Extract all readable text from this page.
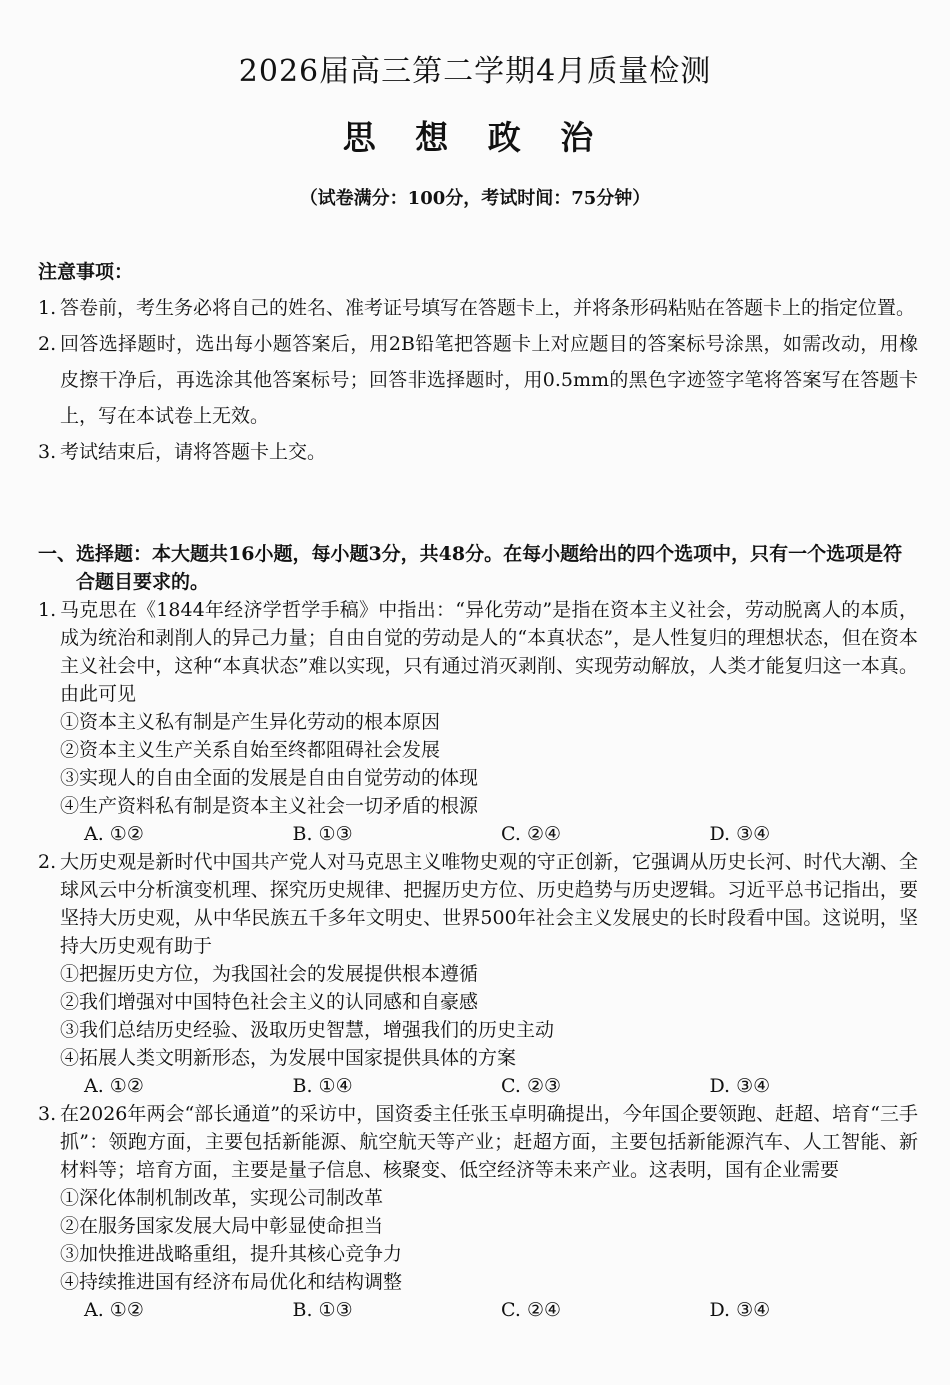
2026届高三第二学期4月质量检测
思 想 政 治
（试卷满分：100分，考试时间：75分钟）
注意事项：
1. 答卷前，考生务必将自己的姓名、准考证号填写在答题卡上，并将条形码粘贴在答题卡上的指定位置。
2. 回答选择题时，选出每小题答案后，用2B铅笔把答题卡上对应题目的答案标号涂黑，如需改动，用橡皮擦干净后，再选涂其他答案标号；回答非选择题时，用0.5mm的黑色字迹签字笔将答案写在答题卡上，写在本试卷上无效。
3. 考试结束后，请将答题卡上交。
一、 选择题：本大题共16小题，每小题3分，共48分。在每小题给出的四个选项中，只有一个选项是符合题目要求的。
1. 马克思在《1844年经济学哲学手稿》中指出：“异化劳动”是指在资本主义社会，劳动脱离人的本质，成为统治和剥削人的异己力量；自由自觉的劳动是人的“本真状态”，是人性复归的理想状态，但在资本主义社会中，这种“本真状态”难以实现，只有通过消灭剥削、实现劳动解放，人类才能复归这一本真。由此可见
①资本主义私有制是产生异化劳动的根本原因
②资本主义生产关系自始至终都阻碍社会发展
③实现人的自由全面的发展是自由自觉劳动的体现
④生产资料私有制是资本主义社会一切矛盾的根源
A. ①②	B. ①③	C. ②④	D. ③④
2. 大历史观是新时代中国共产党人对马克思主义唯物史观的守正创新，它强调从历史长河、时代大潮、全球风云中分析演变机理、探究历史规律、把握历史方位、历史趋势与历史逻辑。习近平总书记指出，要坚持大历史观，从中华民族五千多年文明史、世界500年社会主义发展史的长时段看中国。这说明，坚持大历史观有助于
①把握历史方位，为我国社会的发展提供根本遵循
②我们增强对中国特色社会主义的认同感和自豪感
③我们总结历史经验、汲取历史智慧，增强我们的历史主动
④拓展人类文明新形态，为发展中国家提供具体的方案
A. ①②	B. ①④	C. ②③	D. ③④
3. 在2026年两会“部长通道”的采访中，国资委主任张玉卓明确提出，今年国企要领跑、赶超、培育“三手抓”：领跑方面，主要包括新能源、航空航天等产业；赶超方面，主要包括新能源汽车、人工智能、新材料等；培育方面，主要是量子信息、核聚变、低空经济等未来产业。这表明，国有企业需要
①深化体制机制改革，实现公司制改革
②在服务国家发展大局中彰显使命担当
③加快推进战略重组，提升其核心竞争力
④持续推进国有经济布局优化和结构调整
A. ①②	B. ①③	C. ②④	D. ③④
